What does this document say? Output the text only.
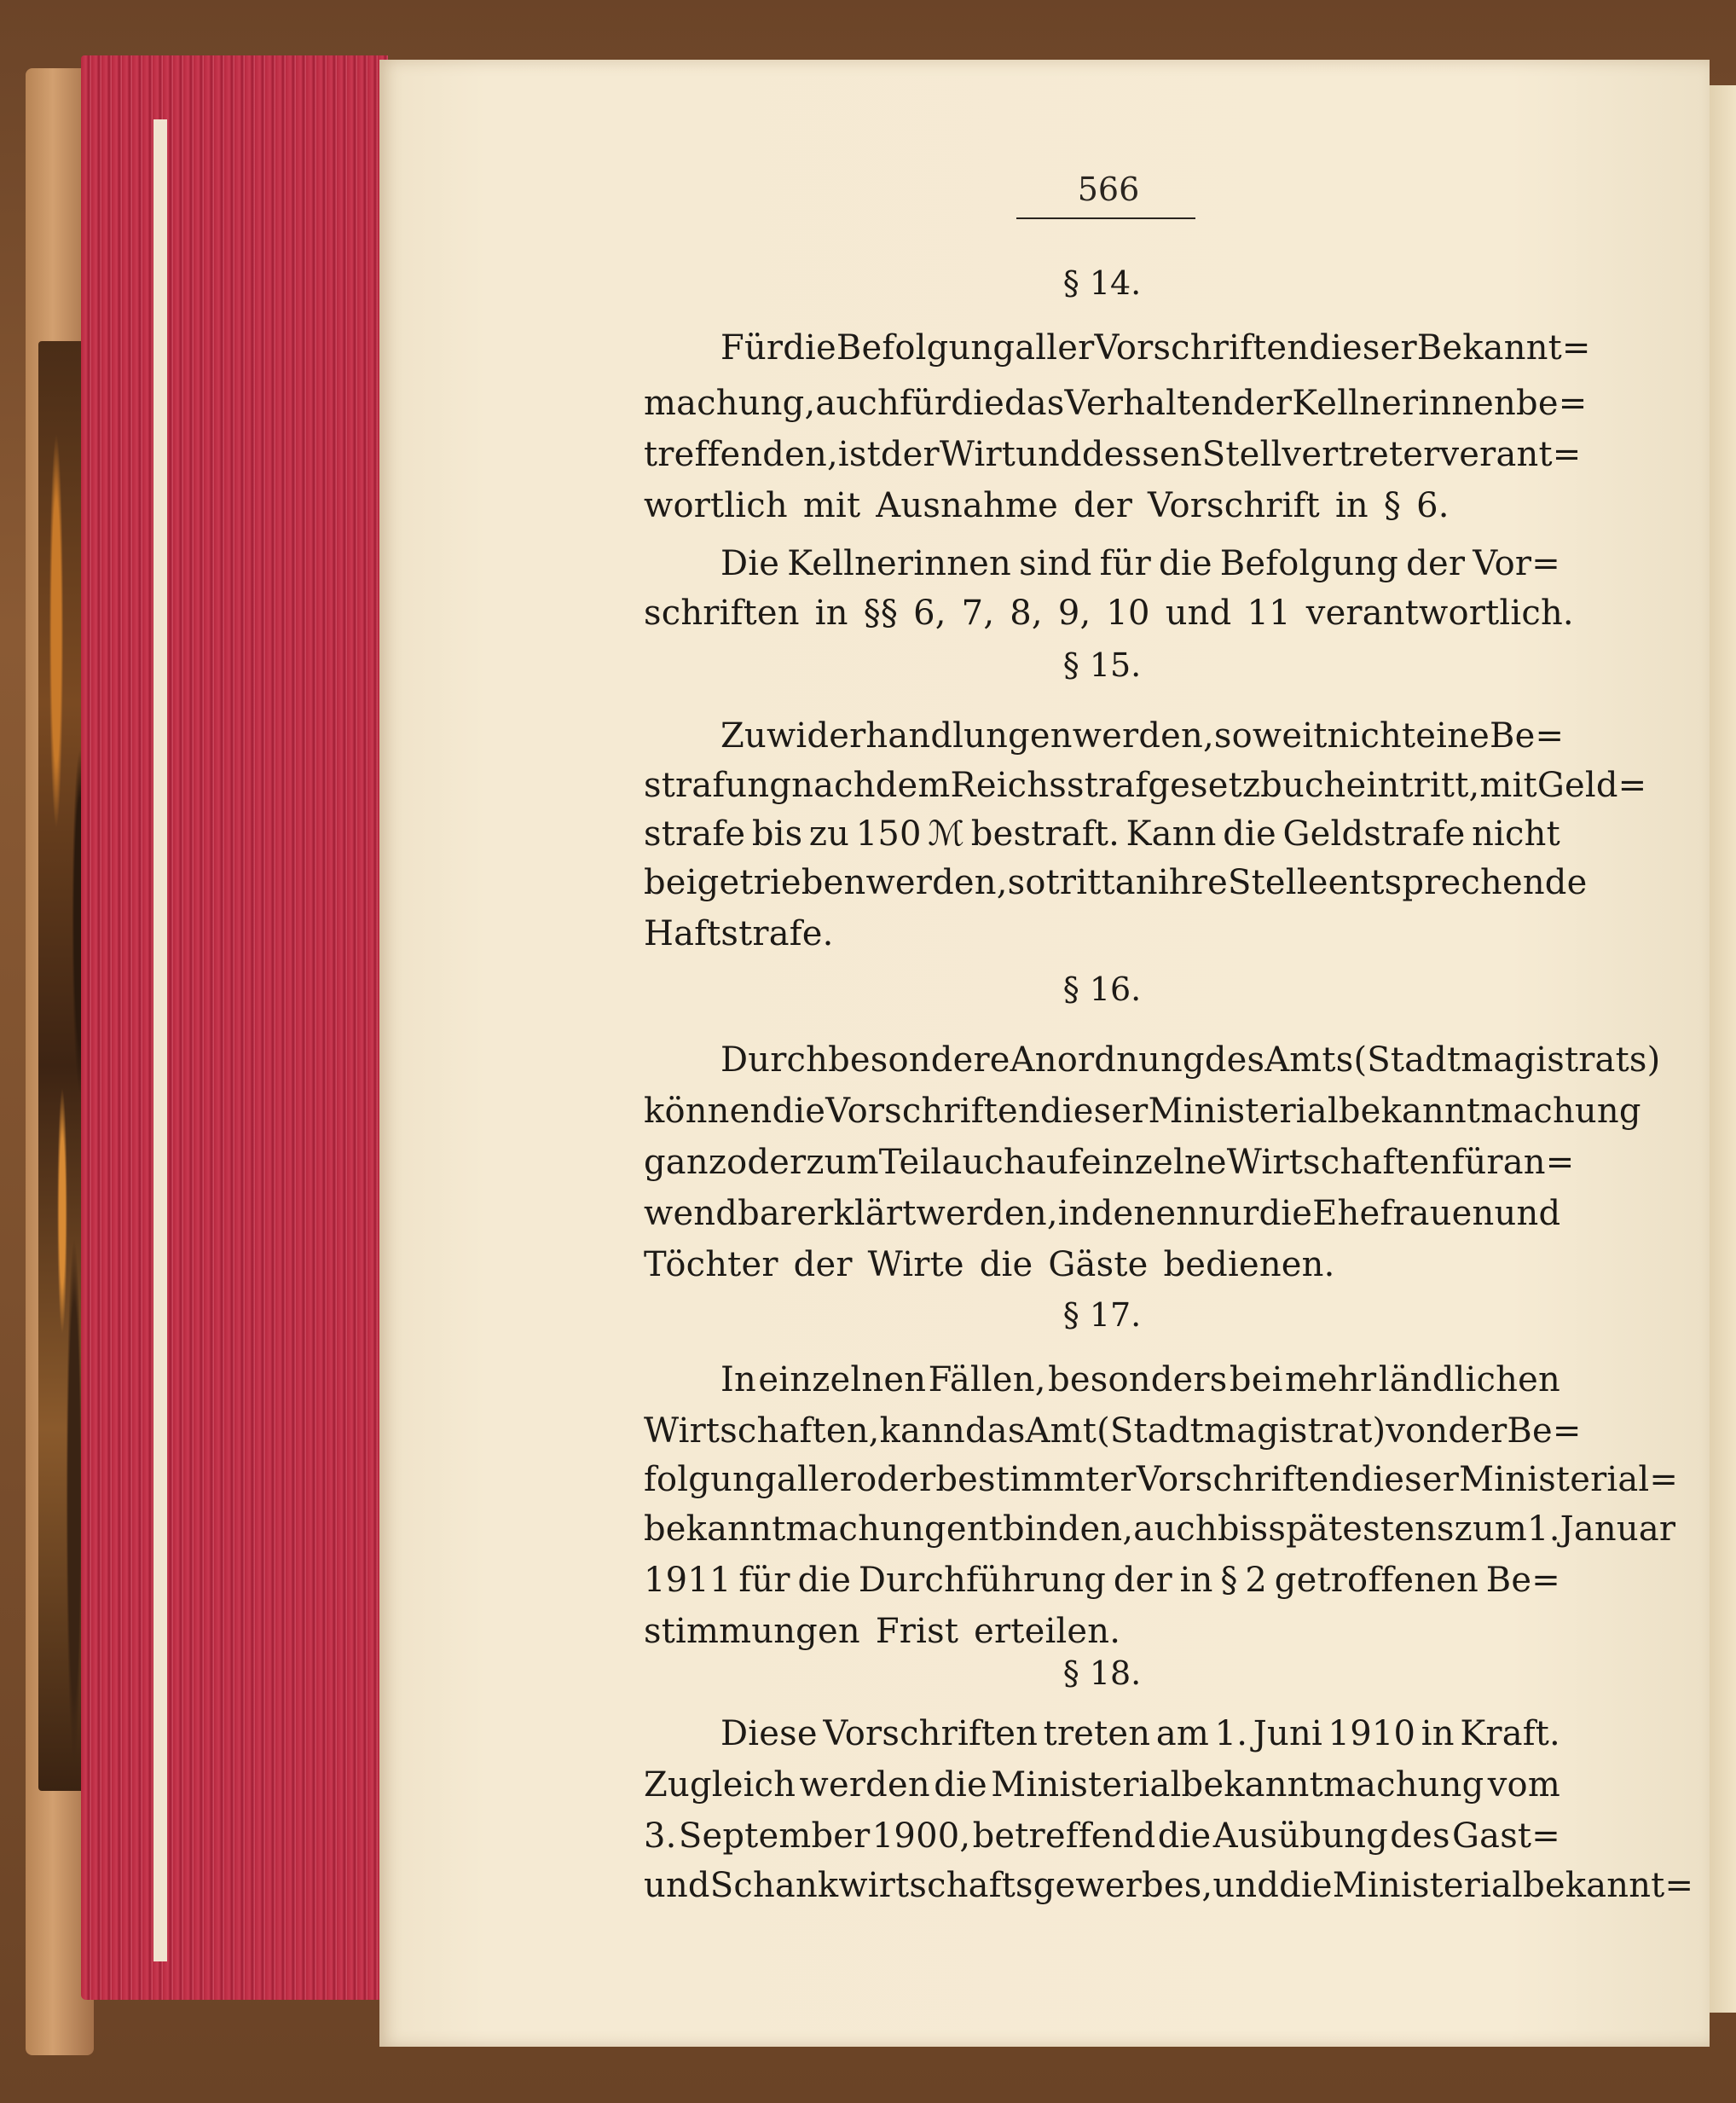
566
§ 14.
Für die Befolgung aller Vorschriften dieser Bekannt=
machung, auch für die das Verhalten der Kellnerinnen be=
treffenden, ist der Wirt und dessen Stellvertreter verant=
wortlich mit Ausnahme der Vorschrift in § 6.
Die Kellnerinnen sind für die Befolgung der Vor=
schriften in §§ 6, 7, 8, 9, 10 und 11 verantwortlich.
§ 15.
Zuwiderhandlungen werden, soweit nicht eine Be=
strafung nach dem Reichsstrafgesetzbuch eintritt, mit Geld=
strafe bis zu 150 ℳ bestraft. Kann die Geldstrafe nicht
beigetrieben werden, so tritt an ihre Stelle entsprechende
Haftstrafe.
§ 16.
Durch besondere Anordnung des Amts (Stadtmagistrats)
können die Vorschriften dieser Ministerialbekanntmachung
ganz oder zum Teil auch auf einzelne Wirtschaften für an=
wendbar erklärt werden, in denen nur die Ehefrauen und
Töchter der Wirte die Gäste bedienen.
§ 17.
In einzelnen Fällen, besonders bei mehr ländlichen
Wirtschaften, kann das Amt (Stadtmagistrat) von der Be=
folgung aller oder bestimmter Vorschriften dieser Ministerial=
bekanntmachung entbinden, auch bis spätestens zum 1. Januar
1911 für die Durchführung der in § 2 getroffenen Be=
stimmungen Frist erteilen.
§ 18.
Diese Vorschriften treten am 1. Juni 1910 in Kraft.
Zugleich werden die Ministerialbekanntmachung vom
3. September 1900, betreffend die Ausübung des Gast=
und Schankwirtschaftsgewerbes, und die Ministerialbekannt=
